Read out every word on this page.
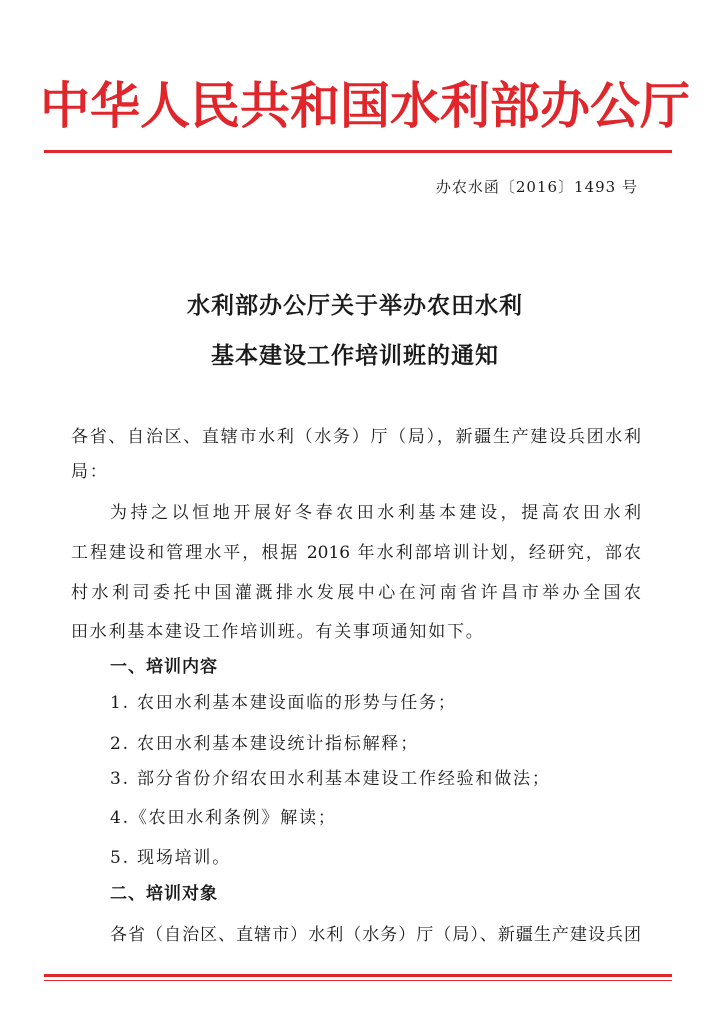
中华人民共和国水利部办公厅
办农水函〔2016〕1493 号
水利部办公厅关于举办农田水利
基本建设工作培训班的通知
各省、自治区、直辖市水利（水务）厅（局），新疆生产建设兵团水利
局：
为持之以恒地开展好冬春农田水利基本建设，提高农田水利
工程建设和管理水平，根据 2016 年水利部培训计划，经研究，部农
村水利司委托中国灌溉排水发展中心在河南省许昌市举办全国农
田水利基本建设工作培训班。有关事项通知如下。
一、培训内容
1. 农田水利基本建设面临的形势与任务；
2. 农田水利基本建设统计指标解释；
3. 部分省份介绍农田水利基本建设工作经验和做法；
4.《农田水利条例》解读；
5. 现场培训。
二、培训对象
各省（自治区、直辖市）水利（水务）厅（局）、新疆生产建设兵团
